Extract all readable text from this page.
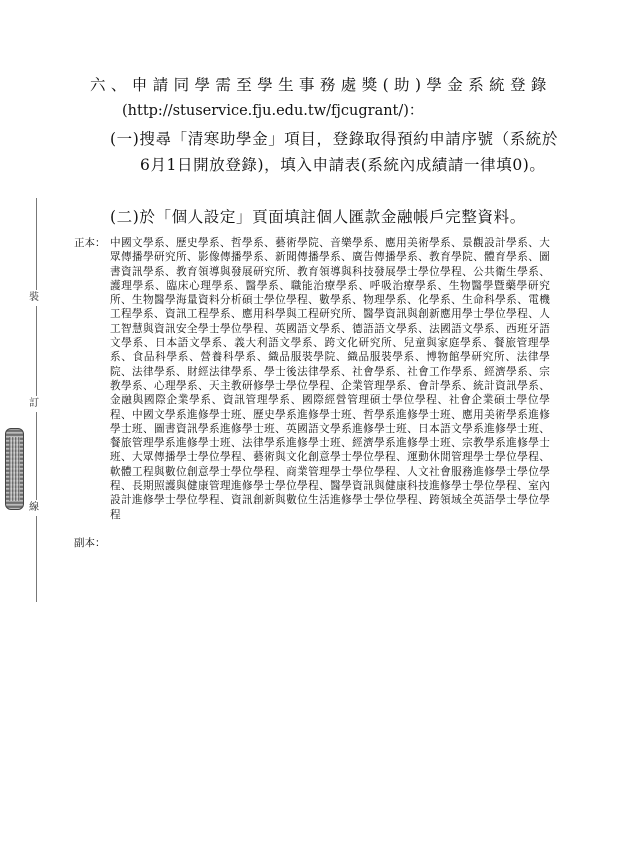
裝
訂
線
六、申請同學需至學生事務處獎(助)學金系統登錄
(http://stuservice.fju.edu.tw/fjcugrant/)：
(一)搜尋「清寒助學金」項目，登錄取得預約申請序號（系統於6月1日開放登錄)，填入申請表(系統內成績請一律填0)。
(二)於「個人設定」頁面填註個人匯款金融帳戶完整資料。
正本： 中國文學系、歷史學系、哲學系、藝術學院、音樂學系、應用美術學系、景觀設計學系、大眾傳播學研究所、影像傳播學系、新聞傳播學系、廣告傳播學系、教育學院、體育學系、圖書資訊學系、教育領導與發展研究所、教育領導與科技發展學士學位學程、公共衛生學系、護理學系、臨床心理學系、醫學系、職能治療學系、呼吸治療學系、生物醫學暨藥學研究所、生物醫學海量資料分析碩士學位學程、數學系、物理學系、化學系、生命科學系、電機工程學系、資訊工程學系、應用科學與工程研究所、醫學資訊與創新應用學士學位學程、人工智慧與資訊安全學士學位學程、英國語文學系、德語語文學系、法國語文學系、西班牙語文學系、日本語文學系、義大利語文學系、跨文化研究所、兒童與家庭學系、餐旅管理學系、食品科學系、營養科學系、織品服裝學院、織品服裝學系、博物館學研究所、法律學院、法律學系、財經法律學系、學士後法律學系、社會學系、社會工作學系、經濟學系、宗教學系、心理學系、天主教研修學士學位學程、企業管理學系、會計學系、統計資訊學系、金融與國際企業學系、資訊管理學系、國際經營管理碩士學位學程、社會企業碩士學位學程、中國文學系進修學士班、歷史學系進修學士班、哲學系進修學士班、應用美術學系進修學士班、圖書資訊學系進修學士班、英國語文學系進修學士班、日本語文學系進修學士班、餐旅管理學系進修學士班、法律學系進修學士班、經濟學系進修學士班、宗教學系進修學士班、大眾傳播學士學位學程、藝術與文化創意學士學位學程、運動休閒管理學士學位學程、軟體工程與數位創意學士學位學程、商業管理學士學位學程、人文社會服務進修學士學位學程、長期照護與健康管理進修學士學位學程、醫學資訊與健康科技進修學士學位學程、室內設計進修學士學位學程、資訊創新與數位生活進修學士學位學程、跨領域全英語學士學位學程
副本：
